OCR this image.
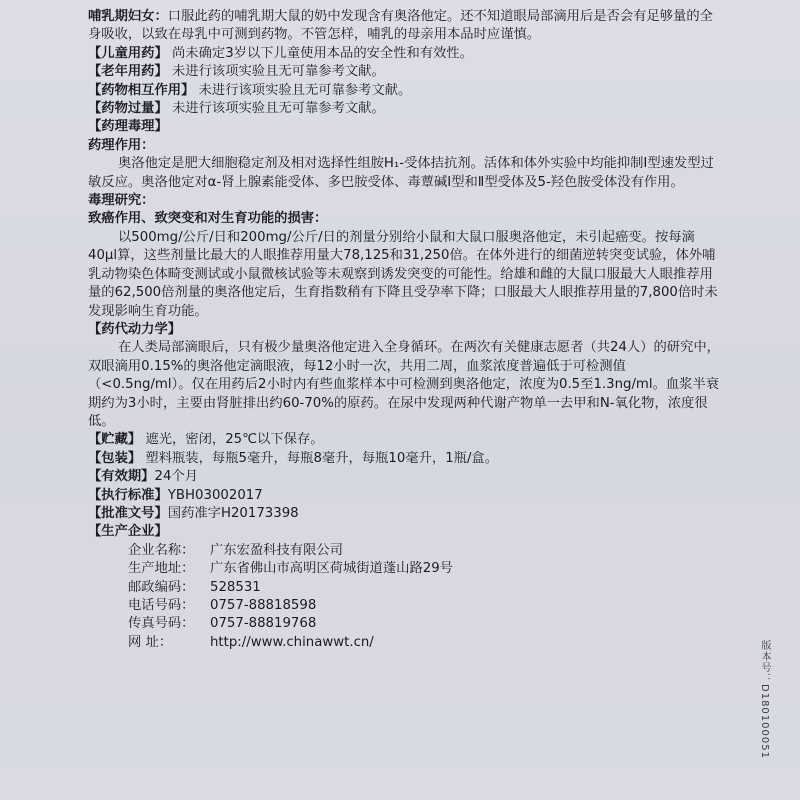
哺乳期妇女：口服此药的哺乳期大鼠的奶中发现含有奥洛他定。还不知道眼局部滴用后是否会有足够量的全身吸收，以致在母乳中可测到药物。不管怎样，哺乳的母亲用本品时应谨慎。

【儿童用药】 尚未确定3岁以下儿童使用本品的安全性和有效性。

【老年用药】 未进行该项实验且无可靠参考文献。

【药物相互作用】 未进行该项实验且无可靠参考文献。

【药物过量】 未进行该项实验且无可靠参考文献。

【药理毒理】

药理作用：

奥洛他定是肥大细胞稳定剂及相对选择性组胺H₁-受体拮抗剂。活体和体外实验中均能抑制Ⅰ型速发型过敏反应。奥洛他定对α-肾上腺素能受体、多巴胺受体、毒蕈碱Ⅰ型和Ⅱ型受体及5-羟色胺受体没有作用。

毒理研究：

致癌作用、致突变和对生育功能的损害：

以500mg/公斤/日和200mg/公斤/日的剂量分别给小鼠和大鼠口服奥洛他定，未引起癌变。按每滴40μl算，这些剂量比最大的人眼推荐用量大78,125和31,250倍。在体外进行的细菌逆转突变试验，体外哺乳动物染色体畸变测试或小鼠微核试验等未观察到诱发突变的可能性。给雄和雌的大鼠口服最大人眼推荐用量的62,500倍剂量的奥洛他定后，生育指数稍有下降且受孕率下降；口服最大人眼推荐用量的7,800倍时未发现影响生育功能。

【药代动力学】

在人类局部滴眼后，只有极少量奥洛他定进入全身循环。在两次有关健康志愿者（共24人）的研究中，双眼滴用0.15%的奥洛他定滴眼液，每12小时一次，共用二周，血浆浓度普遍低于可检测值（<0.5ng/ml）。仅在用药后2小时内有些血浆样本中可检测到奥洛他定，浓度为0.5至1.3ng/ml。血浆半衰期约为3小时，主要由肾脏排出约60-70%的原药。在尿中发现两种代谢产物单一去甲和N-氧化物，浓度很低。

【贮藏】 遮光，密闭，25℃以下保存。

【包装】 塑料瓶装，每瓶5毫升，每瓶8毫升，每瓶10毫升，1瓶/盒。

【有效期】24个月

【执行标准】YBH03002017

【批准文号】国药准字H20173398

【生产企业】

企业名称：	广东宏盈科技有限公司
生产地址：	广东省佛山市高明区荷城街道蓬山路29号
邮政编码：	528531
电话号码：	0757-88818598
传真号码：	0757-88819768
网 址：	http://www.chinawwt.cn/	版本号：D180100051
